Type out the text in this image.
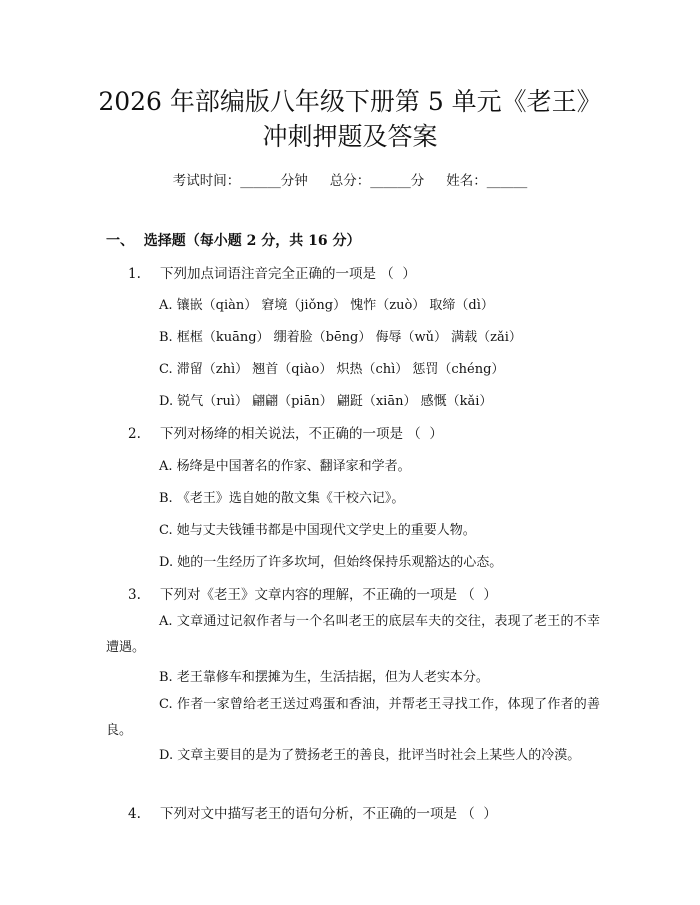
2026 年部编版八年级下册第 5 单元《老王》
冲刺押题及答案
考试时间：______分钟 总分：______分 姓名：______
一、  选择题（每小题 2 分，共 16 分）
1. 下列加点词语注音完全正确的一项是 （  ）
A. 镶嵌（qiàn） 窘境（jiǒng） 愧怍（zuò） 取缔（dì）
B. 框框（kuāng） 绷着脸（bēng） 侮辱（wǔ） 满载（zǎi）
C. 滞留（zhì） 翘首（qiào） 炽热（chì） 惩罚（chéng）
D. 锐气（ruì） 翩翩（piān） 翩跹（xiān） 感慨（kǎi）
2. 下列对杨绛的相关说法，不正确的一项是 （  ）
A. 杨绛是中国著名的作家、翻译家和学者。
B. 《老王》选自她的散文集《干校六记》。
C. 她与丈夫钱锺书都是中国现代文学史上的重要人物。
D. 她的一生经历了许多坎坷，但始终保持乐观豁达的心态。
3. 下列对《老王》文章内容的理解，不正确的一项是 （  ）
A. 文章通过记叙作者与一个名叫老王的底层车夫的交往，表现了老王的不幸遭遇。
B. 老王靠修车和摆摊为生，生活拮据，但为人老实本分。
C. 作者一家曾给老王送过鸡蛋和香油，并帮老王寻找工作，体现了作者的善良。
D. 文章主要目的是为了赞扬老王的善良，批评当时社会上某些人的冷漠。
4. 下列对文中描写老王的语句分析，不正确的一项是 （  ）
